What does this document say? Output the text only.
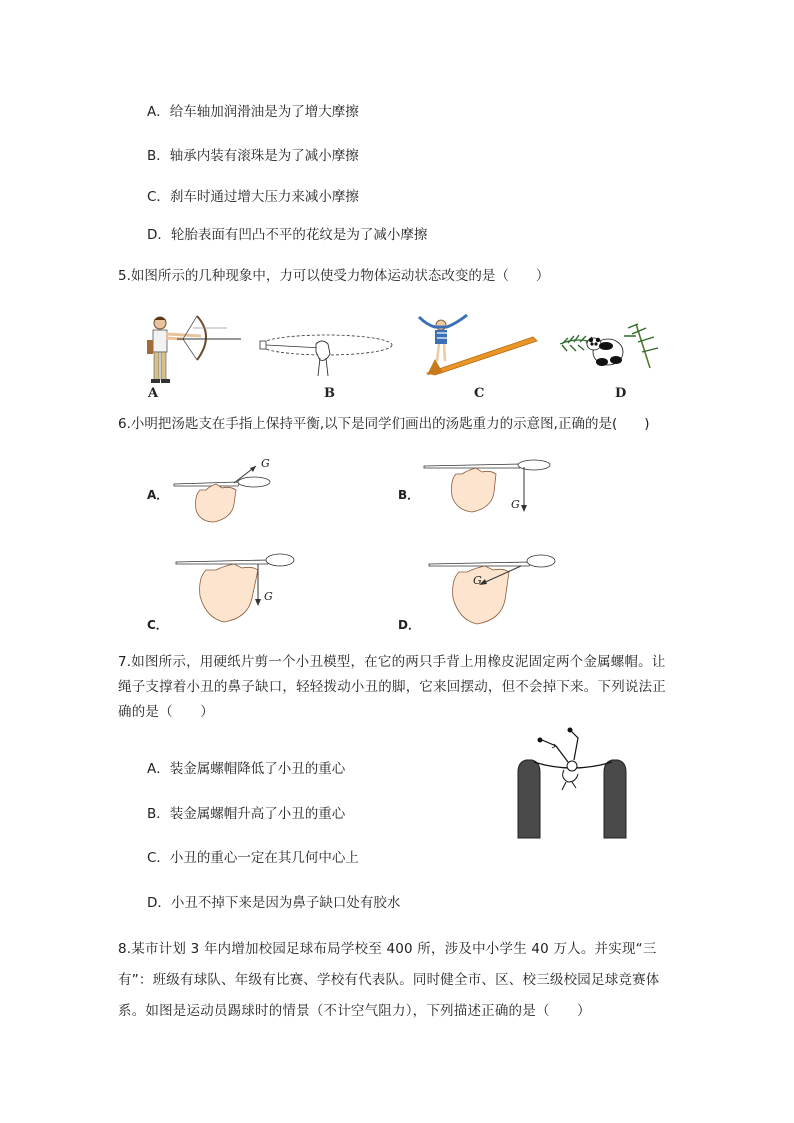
A．给车轴加润滑油是为了增大摩擦
B．轴承内装有滚珠是为了减小摩擦
C．刹车时通过增大压力来减小摩擦
D．轮胎表面有凹凸不平的花纹是为了减小摩擦
5.如图所示的几种现象中，力可以使受力物体运动状态改变的是（　　）
A	B	C	D
6.小明把汤匙支在手指上保持平衡,以下是同学们画出的汤匙重力的示意图,正确的是(　　)
A．
G
B．
G
C．
G
D．
G
7.如图所示，用硬纸片剪一个小丑模型，在它的两只手背上用橡皮泥固定两个金属螺帽。让绳子支撑着小丑的鼻子缺口，轻轻拨动小丑的脚，它来回摆动，但不会掉下来。下列说法正确的是（　　）
A．装金属螺帽降低了小丑的重心
B．装金属螺帽升高了小丑的重心
C．小丑的重心一定在其几何中心上
D．小丑不掉下来是因为鼻子缺口处有胶水
8.某市计划 3 年内增加校园足球布局学校至 400 所，涉及中小学生 40 万人。并实现“三有”：班级有球队、年级有比赛、学校有代表队。同时健全市、区、校三级校园足球竞赛体系。如图是运动员踢球时的情景（不计空气阻力），下列描述正确的是（　　）
